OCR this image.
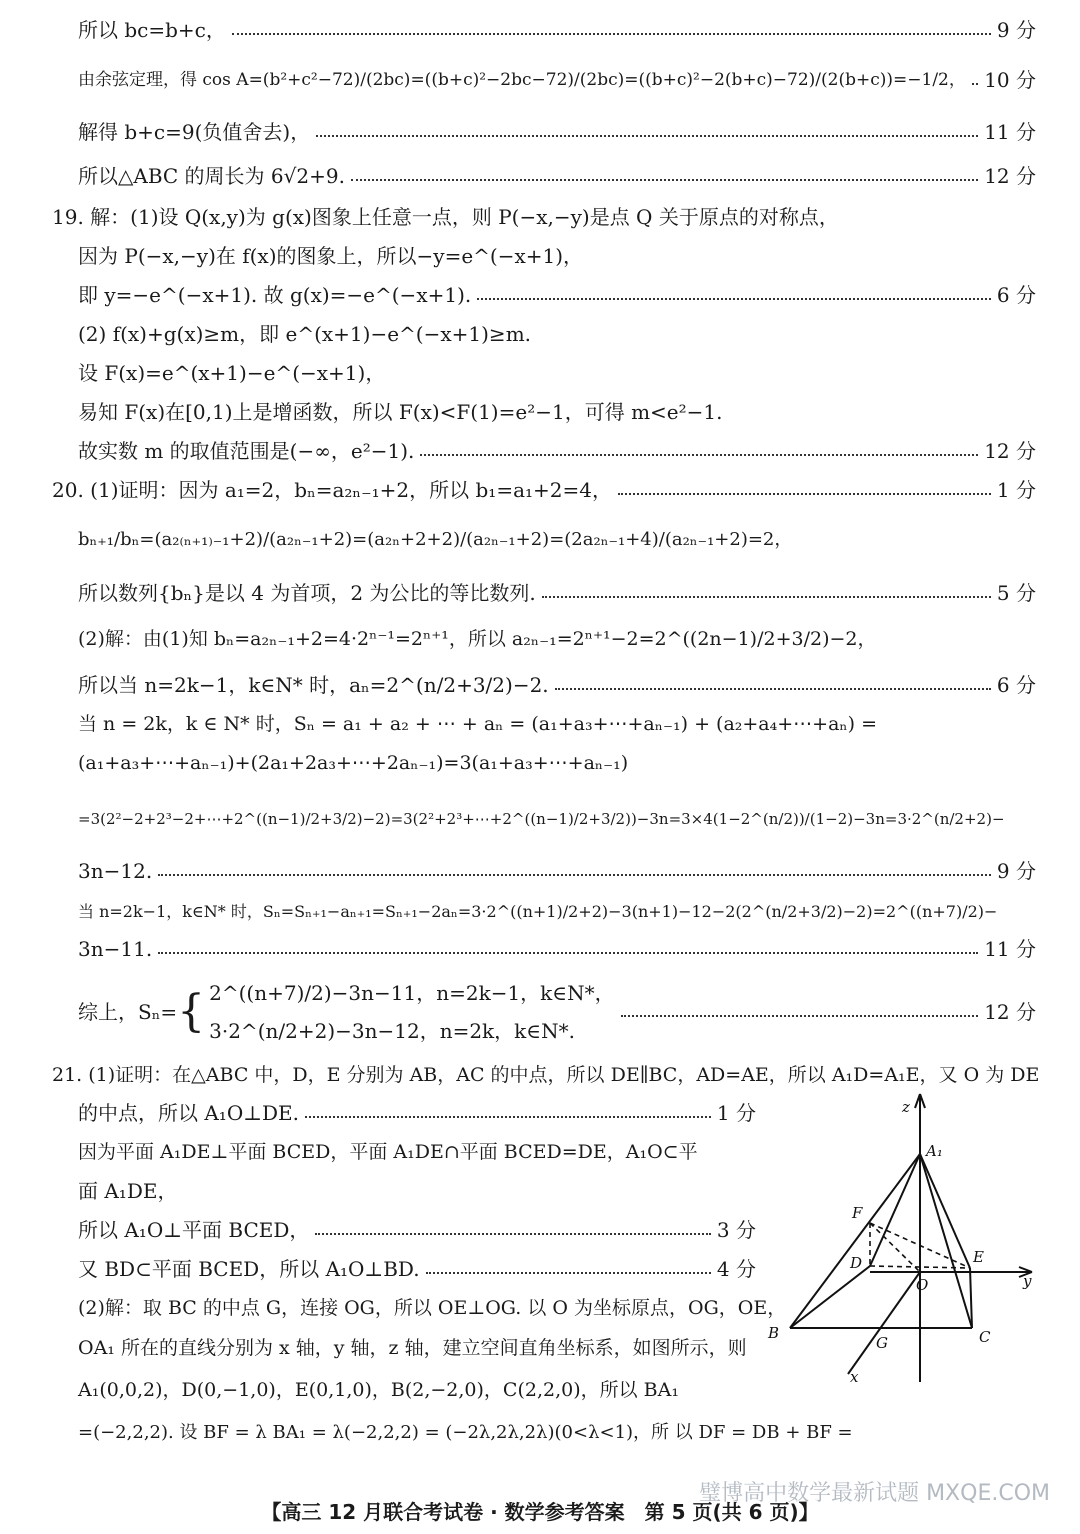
所以 bc=b+c，	9 分
由余弦定理，得 cos A=(b²+c²−72)/(2bc)=((b+c)²−2bc−72)/(2bc)=((b+c)²−2(b+c)−72)/(2(b+c))=−1/2， 10 分
解得 b+c=9(负值舍去)，	11 分
所以△ABC 的周长为 6√2+9.	12 分
19. 解：(1)设 Q(x,y)为 g(x)图象上任意一点，则 P(−x,−y)是点 Q 关于原点的对称点，
因为 P(−x,−y)在 f(x)的图象上，所以−y=e^(−x+1)，
即 y=−e^(−x+1). 故 g(x)=−e^(−x+1).	6 分
(2) f(x)+g(x)≥m，即 e^(x+1)−e^(−x+1)≥m.
设 F(x)=e^(x+1)−e^(−x+1)，
易知 F(x)在[0,1)上是增函数，所以 F(x)<F(1)=e²−1，可得 m<e²−1.
故实数 m 的取值范围是(−∞，e²−1).	12 分
20. (1)证明：因为 a₁=2，bₙ=a₂ₙ₋₁+2，所以 b₁=a₁+2=4，	1 分
bₙ₊₁/bₙ=(a₂₍ₙ₊₁₎₋₁+2)/(a₂ₙ₋₁+2)=(a₂ₙ+2+2)/(a₂ₙ₋₁+2)=(2a₂ₙ₋₁+4)/(a₂ₙ₋₁+2)=2，
所以数列{bₙ}是以 4 为首项，2 为公比的等比数列.	5 分
(2)解：由(1)知 bₙ=a₂ₙ₋₁+2=4·2ⁿ⁻¹=2ⁿ⁺¹，所以 a₂ₙ₋₁=2ⁿ⁺¹−2=2^((2n−1)/2+3/2)−2，
所以当 n=2k−1，k∈N* 时，aₙ=2^(n/2+3/2)−2.	6 分
当 n = 2k，k ∈ N* 时，Sₙ = a₁ + a₂ + ⋯ + aₙ = (a₁+a₃+⋯+aₙ₋₁) + (a₂+a₄+⋯+aₙ) =
(a₁+a₃+⋯+aₙ₋₁)+(2a₁+2a₃+⋯+2aₙ₋₁)=3(a₁+a₃+⋯+aₙ₋₁)
=3(2²−2+2³−2+⋯+2^((n−1)/2+3/2)−2)=3(2²+2³+⋯+2^((n−1)/2+3/2))−3n=3×4(1−2^(n/2))/(1−2)−3n=3·2^(n/2+2)−
3n−12.	9 分
当 n=2k−1，k∈N* 时，Sₙ=Sₙ₊₁−aₙ₊₁=Sₙ₊₁−2aₙ=3·2^((n+1)/2+2)−3(n+1)−12−2(2^(n/2+3/2)−2)=2^((n+7)/2)−
3n−11.	11 分
综上，Sₙ= { 2^((n+7)/2)−3n−11，n=2k−1，k∈N*，
3·2^(n/2+2)−3n−12，n=2k，k∈N*.
12 分
21. (1)证明：在△ABC 中，D，E 分别为 AB，AC 的中点，所以 DE∥BC，AD=AE，所以 A₁D=A₁E，又 O 为 DE
的中点，所以 A₁O⊥DE.	1 分
因为平面 A₁DE⊥平面 BCED，平面 A₁DE∩平面 BCED=DE，A₁O⊂平
面 A₁DE，
所以 A₁O⊥平面 BCED，	3 分
又 BD⊂平面 BCED，所以 A₁O⊥BD.	4 分
(2)解：取 BC 的中点 G，连接 OG，所以 OE⊥OG. 以 O 为坐标原点，OG，OE，
OA₁ 所在的直线分别为 x 轴，y 轴，z 轴，建立空间直角坐标系，如图所示，则
A₁(0,0,2)，D(0,−1,0)，E(0,1,0)，B(2,−2,0)，C(2,2,0)，所以 BA₁
=(−2,2,2). 设 BF = λ BA₁ = λ(−2,2,2) = (−2λ,2λ,2λ)(0<λ<1)，所 以 DF = DB + BF =
z
A₁
F
D
O
E
y
B
G	C
x
璧博高中数学最新试题 MXQE.COM
【高三 12 月联合考试卷 · 数学参考答案　第 5 页(共 6 页)】
